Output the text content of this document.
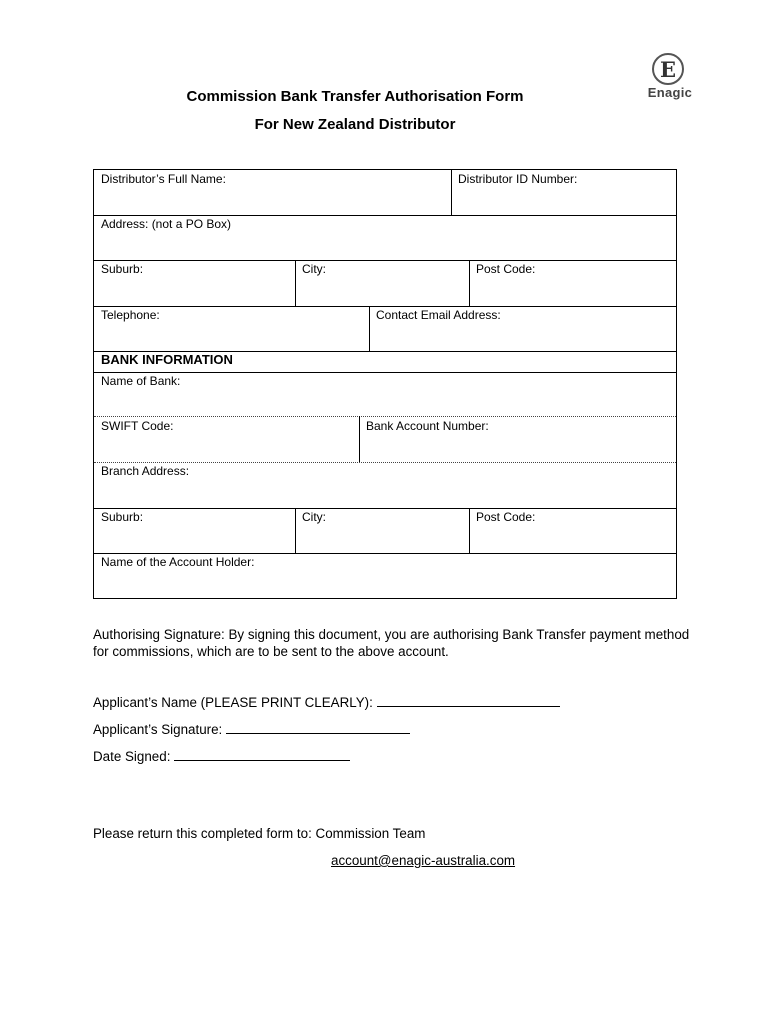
Commission Bank Transfer Authorisation Form
For New Zealand Distributor
E
Enagic
Distributor’s Full Name:	Distributor ID Number:
Address: (not a PO Box)
Suburb:	City:	Post Code:
Telephone:	Contact Email Address:
BANK INFORMATION
Name of Bank:
SWIFT Code:	Bank Account Number:
Branch Address:
Suburb:	City:	Post Code:
Name of the Account Holder:
Authorising Signature: By signing this document, you are authorising Bank Transfer payment method for commissions, which are to be sent to the above account.
Applicant’s Name (PLEASE PRINT CLEARLY):
Applicant’s Signature:
Date Signed:
Please return this completed form to: Commission Team
account@enagic-australia.com
